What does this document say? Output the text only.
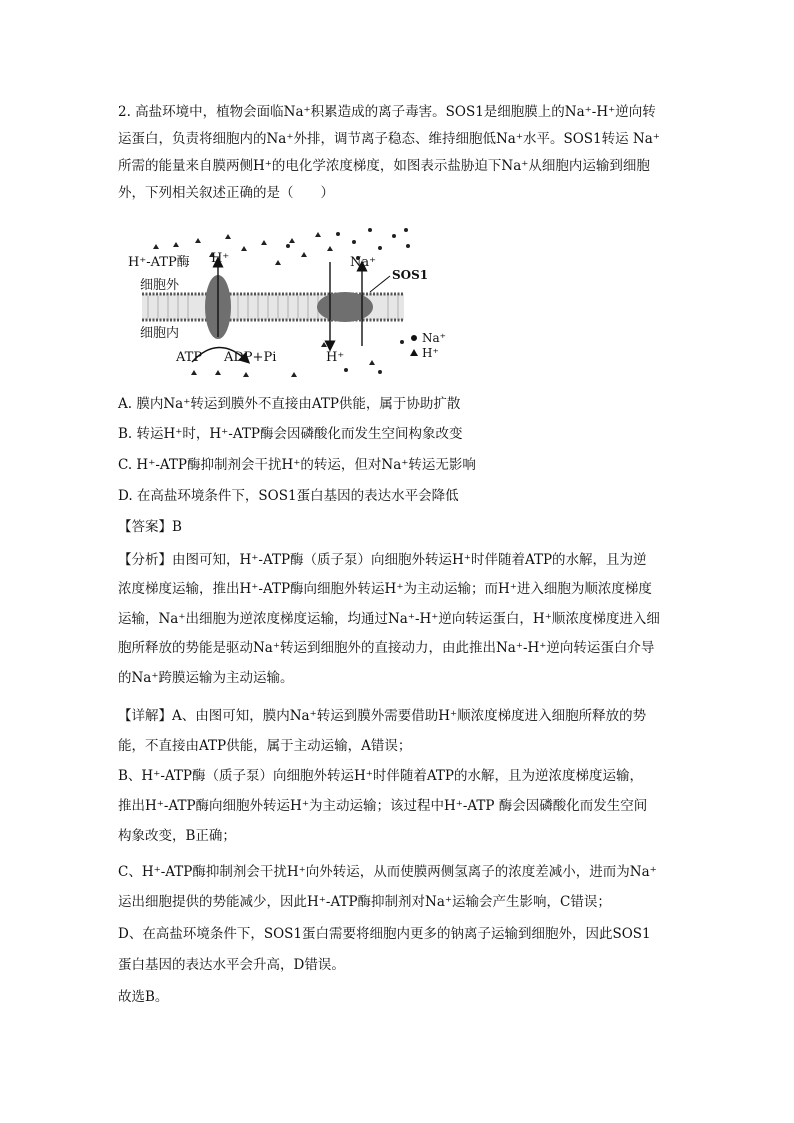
2. 高盐环境中，植物会面临Na⁺积累造成的离子毒害。SOS1是细胞膜上的Na⁺-H⁺逆向转
运蛋白，负责将细胞内的Na⁺外排，调节离子稳态、维持细胞低Na⁺水平。SOS1转运 Na⁺
所需的能量来自膜两侧H⁺的电化学浓度梯度，如图表示盐胁迫下Na⁺从细胞内运输到细胞
外，下列相关叙述正确的是（　　）
H⁺-ATP酶 H⁺
细胞外
细胞内
Na⁺
SOS1
ATP ADP+Pi	H⁺
Na⁺
H⁺
A. 膜内Na⁺转运到膜外不直接由ATP供能，属于协助扩散
B. 转运H⁺时，H⁺-ATP酶会因磷酸化而发生空间构象改变
C. H⁺-ATP酶抑制剂会干扰H⁺的转运，但对Na⁺转运无影响
D. 在高盐环境条件下，SOS1蛋白基因的表达水平会降低
【答案】B
【分析】由图可知，H⁺-ATP酶（质子泵）向细胞外转运H⁺时伴随着ATP的水解，且为逆
浓度梯度运输，推出H⁺-ATP酶向细胞外转运H⁺为主动运输；而H⁺进入细胞为顺浓度梯度
运输，Na⁺出细胞为逆浓度梯度运输，均通过Na⁺-H⁺逆向转运蛋白，H⁺顺浓度梯度进入细
胞所释放的势能是驱动Na⁺转运到细胞外的直接动力，由此推出Na⁺-H⁺逆向转运蛋白介导
的Na⁺跨膜运输为主动运输。
【详解】A、由图可知，膜内Na⁺转运到膜外需要借助H⁺顺浓度梯度进入细胞所释放的势
能，不直接由ATP供能，属于主动运输，A错误；
B、H⁺-ATP酶（质子泵）向细胞外转运H⁺时伴随着ATP的水解，且为逆浓度梯度运输，
推出H⁺-ATP酶向细胞外转运H⁺为主动运输；该过程中H⁺-ATP 酶会因磷酸化而发生空间
构象改变，B正确；
C、H⁺-ATP酶抑制剂会干扰H⁺向外转运，从而使膜两侧氢离子的浓度差减小，进而为Na⁺
运出细胞提供的势能减少，因此H⁺-ATP酶抑制剂对Na⁺运输会产生影响，C错误；
D、在高盐环境条件下，SOS1蛋白需要将细胞内更多的钠离子运输到细胞外，因此SOS1
蛋白基因的表达水平会升高，D错误。
故选B。
